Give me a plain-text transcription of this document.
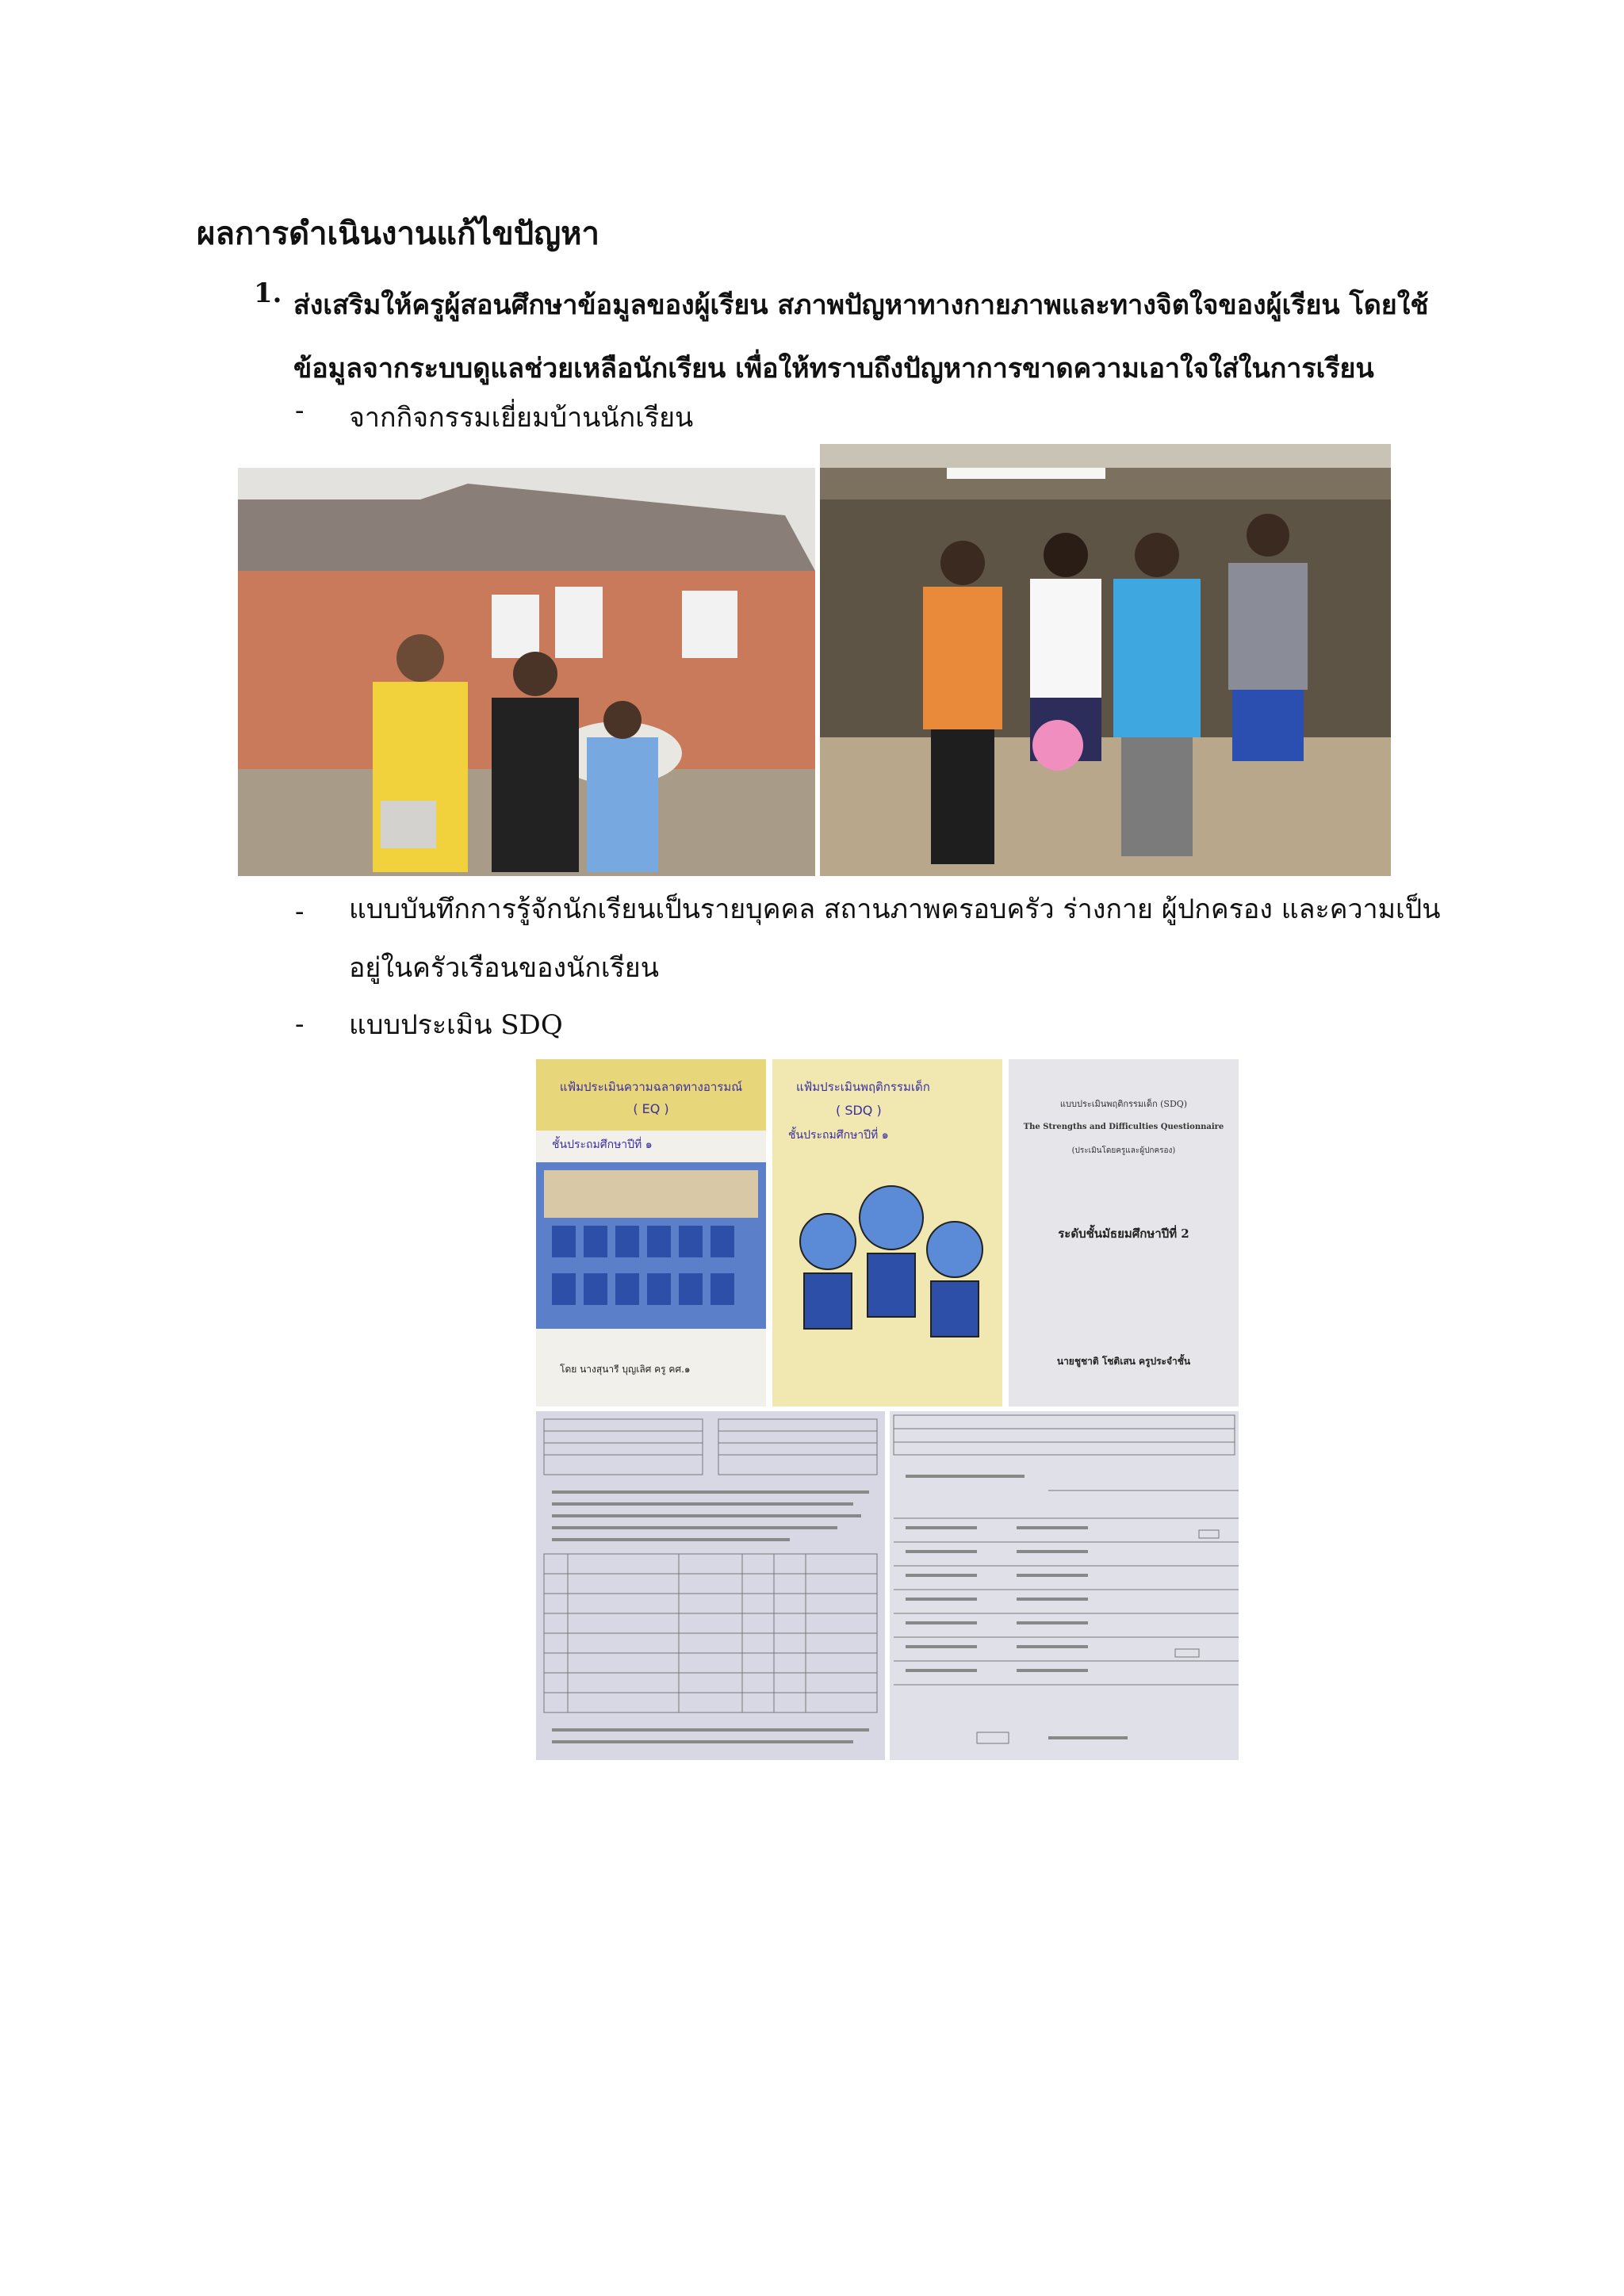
ผลการดำเนินงานแก้ไขปัญหา
1. ส่งเสริมให้ครูผู้สอนศึกษาข้อมูลของผู้เรียน สภาพปัญหาทางกายภาพและทางจิตใจของผู้เรียน โดยใช้ข้อมูลจากระบบดูแลช่วยเหลือนักเรียน เพื่อให้ทราบถึงปัญหาการขาดความเอาใจใส่ในการเรียน
- จากกิจกรรมเยี่ยมบ้านนักเรียน
- แบบบันทึกการรู้จักนักเรียนเป็นรายบุคคล สถานภาพครอบครัว ร่างกาย ผู้ปกครอง และความเป็นอยู่ในครัวเรือนของนักเรียน
- แบบประเมิน SDQ
แฟ้มประเมินความฉลาดทางอารมณ์
( EQ )
ชั้นประถมศึกษาปีที่ ๑
โดย นางสุนารี บุญเลิศ ครู คศ.๑
แฟ้มประเมินพฤติกรรมเด็ก
( SDQ )
ชั้นประถมศึกษาปีที่ ๑
แบบประเมินพฤติกรรมเด็ก (SDQ)
The Strengths and Difficulties Questionnaire
(ประเมินโดยครูและผู้ปกครอง)
ระดับชั้นมัธยมศึกษาปีที่ 2
นายชูชาติ โชติเสน ครูประจำชั้น
